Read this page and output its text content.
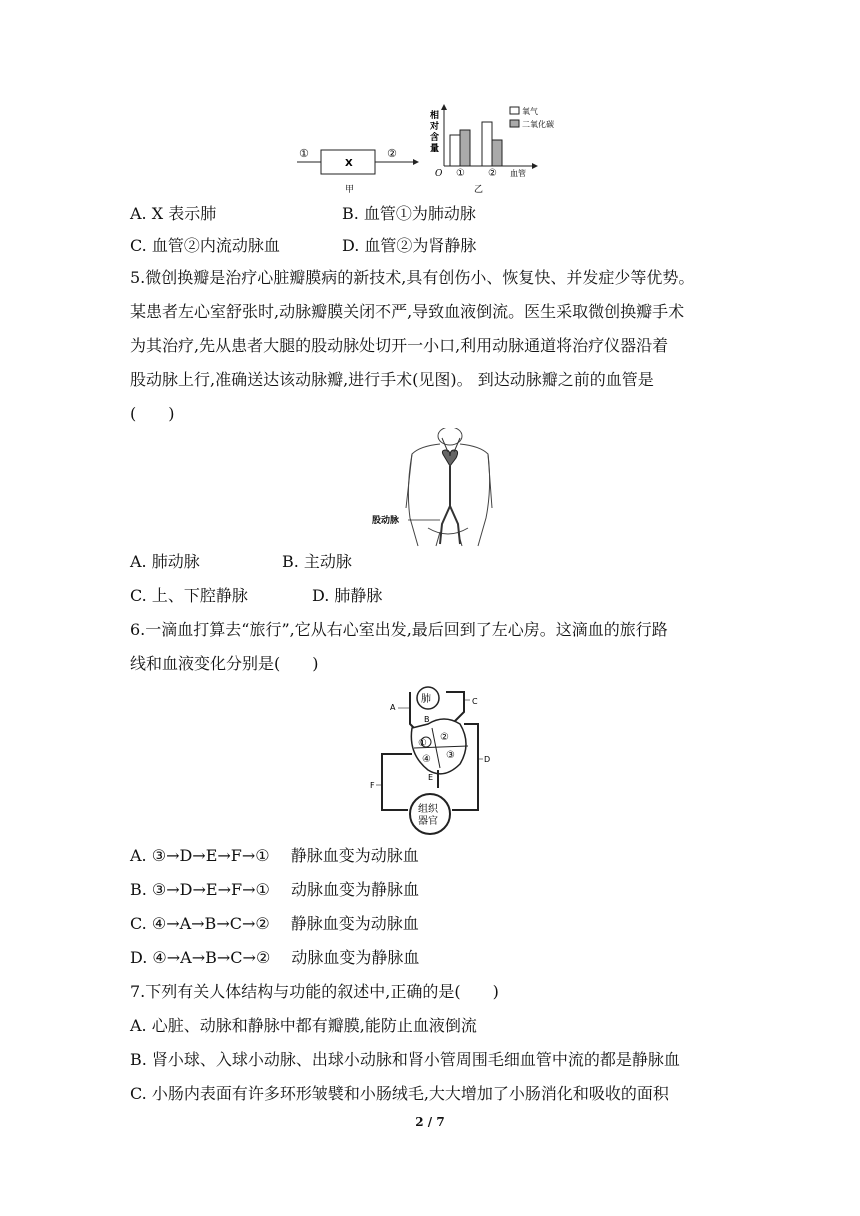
①
X
②
甲
相
对
含
量
氧气
二氧化碳
O ① ② 血管
乙
A. X 表示肺	B. 血管①为肺动脉
C. 血管②内流动脉血	D. 血管②为肾静脉
5.微创换瓣是治疗心脏瓣膜病的新技术,具有创伤小、恢复快、并发症少等优势。
某患者左心室舒张时,动脉瓣膜关闭不严,导致血液倒流。医生采取微创换瓣手术
为其治疗,先从患者大腿的股动脉处切开一小口,利用动脉通道将治疗仪器沿着
股动脉上行,准确送达该动脉瓣,进行手术(见图)。 到达动脉瓣之前的血管是
(　　)
股动脉
A. 肺动脉	B. 主动脉
C. 上、下腔静脉	D. 肺静脉
6.一滴血打算去“旅行”,它从右心室出发,最后回到了左心房。这滴血的旅行路
线和血液变化分别是(　　)
肺
①
②
③
④
组织 器官
A
B
C
D
E
F
A. ③→D→E→F→①　 静脉血变为动脉血
B. ③→D→E→F→①　 动脉血变为静脉血
C. ④→A→B→C→②　 静脉血变为动脉血
D. ④→A→B→C→②　 动脉血变为静脉血
7.下列有关人体结构与功能的叙述中,正确的是(　　)
A. 心脏、动脉和静脉中都有瓣膜,能防止血液倒流
B. 肾小球、入球小动脉、出球小动脉和肾小管周围毛细血管中流的都是静脉血
C. 小肠内表面有许多环形皱襞和小肠绒毛,大大增加了小肠消化和吸收的面积
2 / 7
